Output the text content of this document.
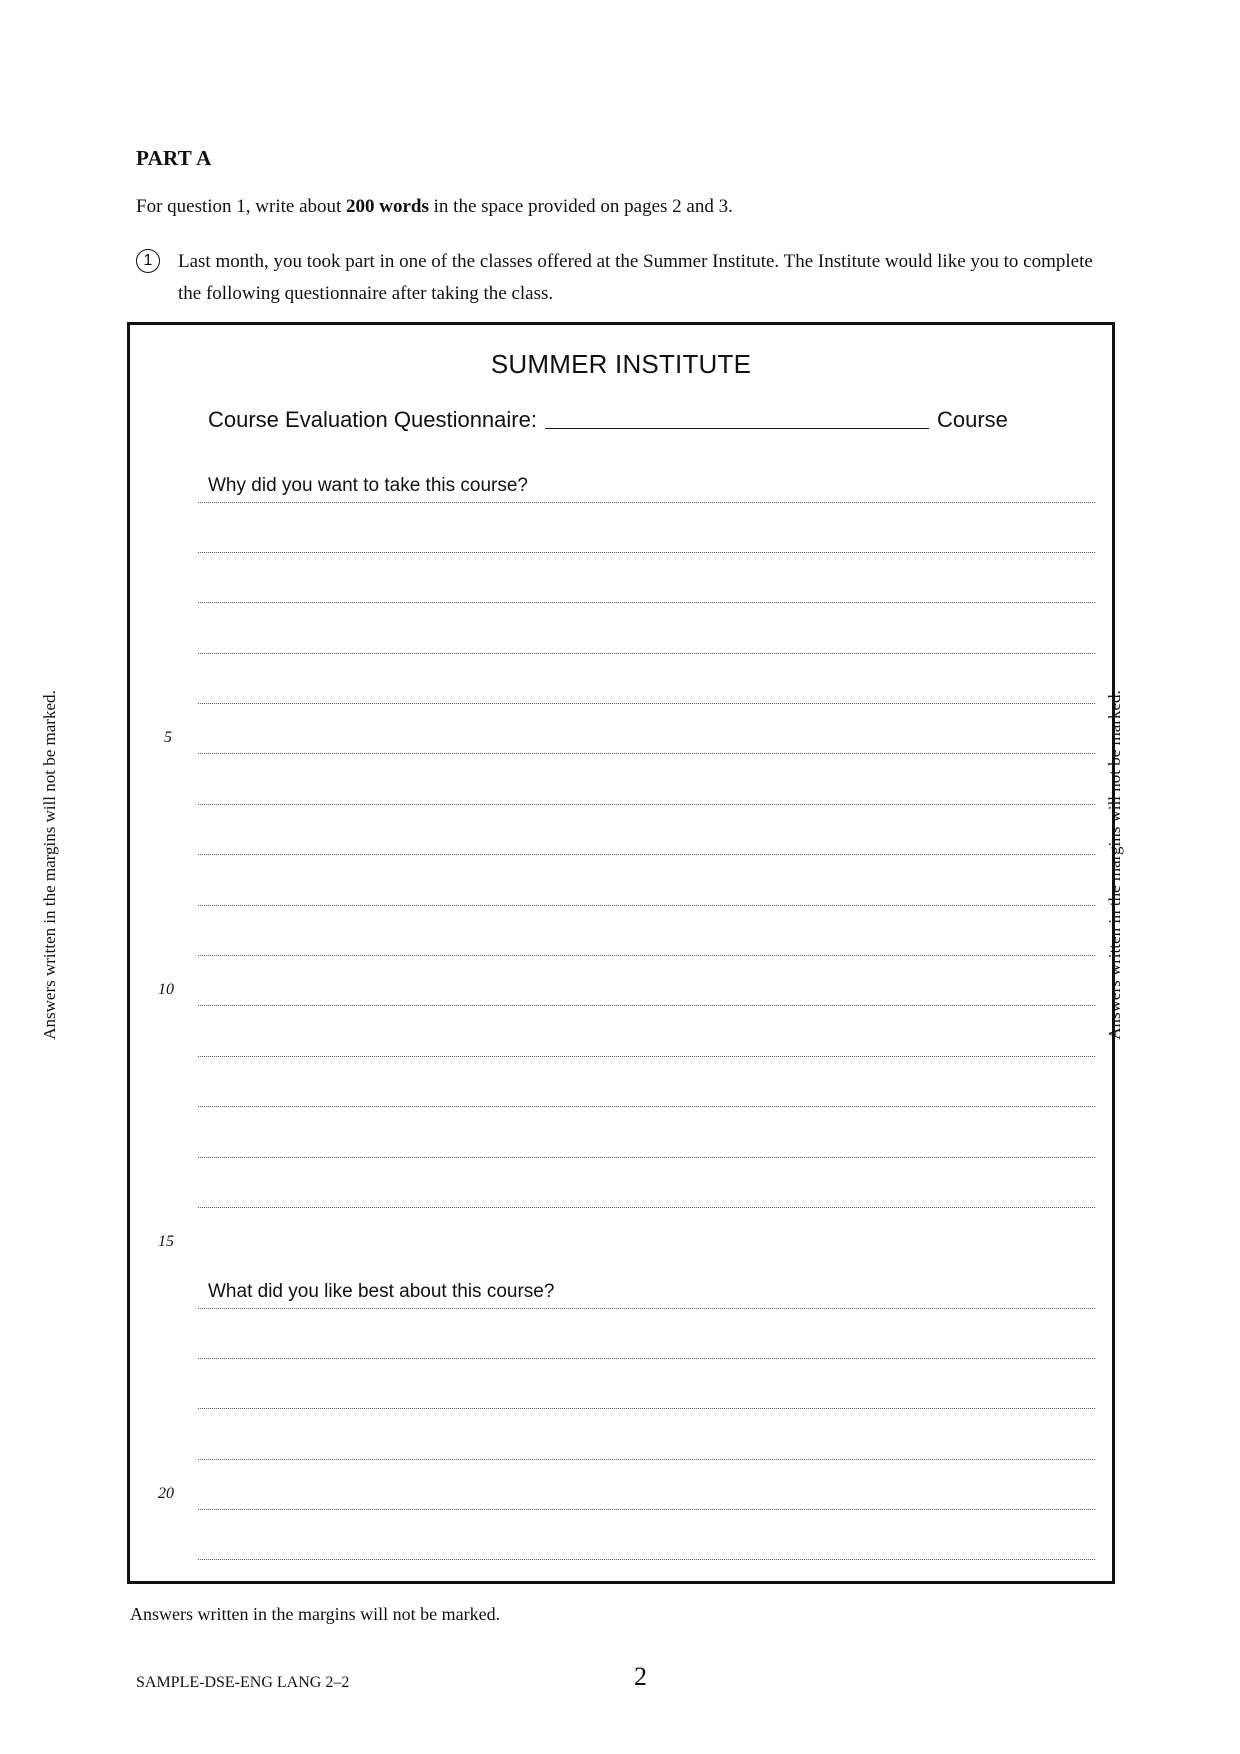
PART A
For question 1, write about 200 words in the space provided on pages 2 and 3.
1	Last month, you took part in one of the classes offered at the Summer Institute. The Institute would like you to complete the following questionnaire after taking the class.
SUMMER INSTITUTE
Course Evaluation Questionnaire:	Course
Why did you want to take this course?
What did you like best about this course?
5
10
15
20
Answers written in the margins will not be marked.	Answers written in the margins will not be marked.
Answers written in the margins will not be marked.
SAMPLE-DSE-ENG LANG 2–2	2
